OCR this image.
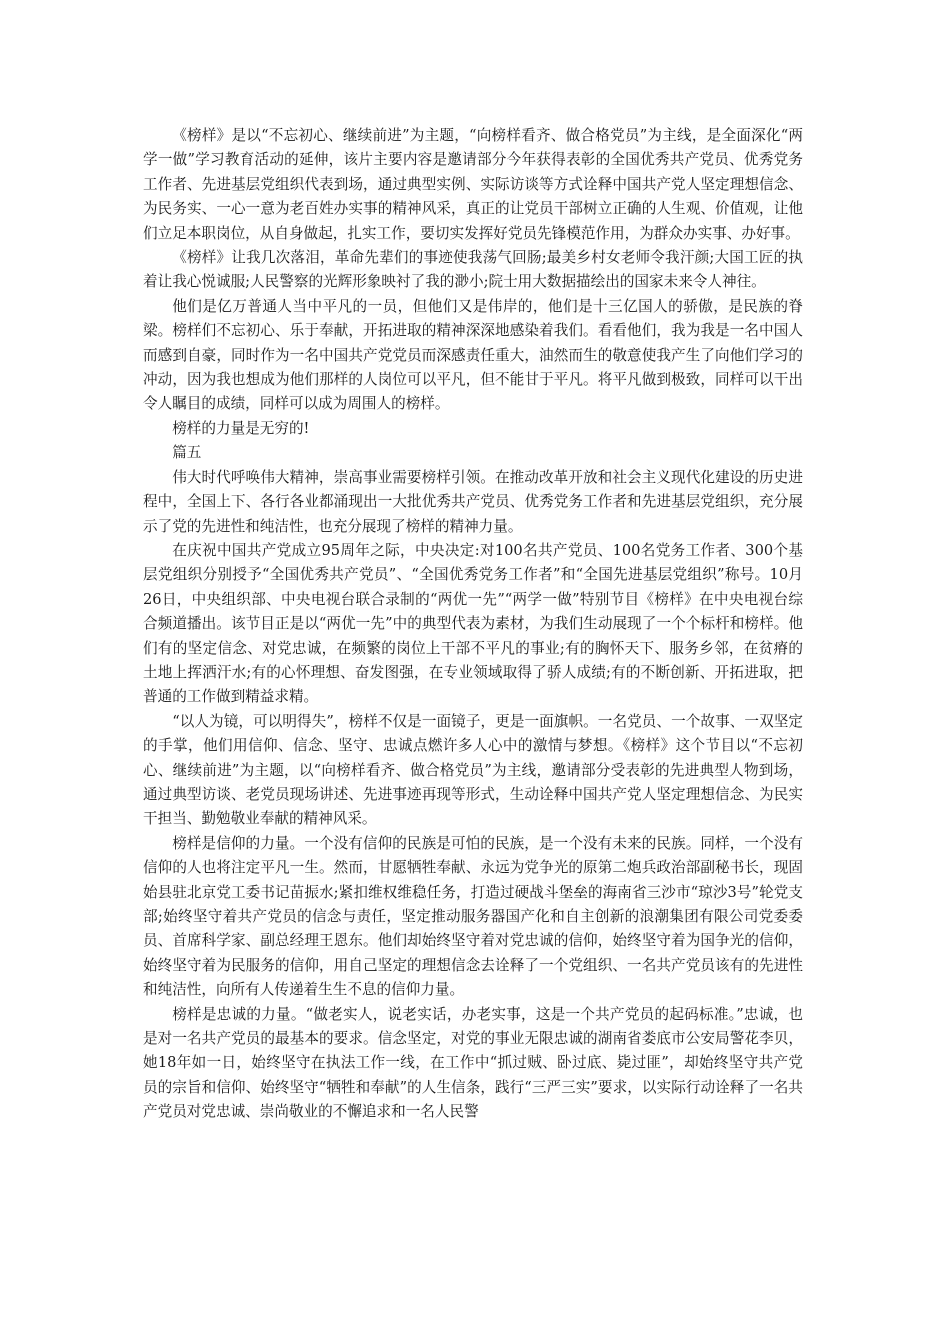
《榜样》是以“不忘初心、继续前进”为主题，“向榜样看齐、做合格党员”为主线，是全面深化“两学一做”学习教育活动的延伸，该片主要内容是邀请部分今年获得表彰的全国优秀共产党员、优秀党务工作者、先进基层党组织代表到场，通过典型实例、实际访谈等方式诠释中国共产党人坚定理想信念、为民务实、一心一意为老百姓办实事的精神风采，真正的让党员干部树立正确的人生观、价值观，让他们立足本职岗位，从自身做起，扎实工作，要切实发挥好党员先锋模范作用，为群众办实事、办好事。

《榜样》让我几次落泪，革命先辈们的事迹使我荡气回肠;最美乡村女老师令我汗颜;大国工匠的执着让我心悦诚服;人民警察的光辉形象映衬了我的渺小;院士用大数据描绘出的国家未来令人神往。

他们是亿万普通人当中平凡的一员，但他们又是伟岸的，他们是十三亿国人的骄傲，是民族的脊梁。榜样们不忘初心、乐于奉献，开拓进取的精神深深地感染着我们。看看他们，我为我是一名中国人而感到自豪，同时作为一名中国共产党党员而深感责任重大，油然而生的敬意使我产生了向他们学习的冲动，因为我也想成为他们那样的人岗位可以平凡，但不能甘于平凡。将平凡做到极致，同样可以干出令人瞩目的成绩，同样可以成为周围人的榜样。

榜样的力量是无穷的!

篇五

伟大时代呼唤伟大精神，崇高事业需要榜样引领。在推动改革开放和社会主义现代化建设的历史进程中，全国上下、各行各业都涌现出一大批优秀共产党员、优秀党务工作者和先进基层党组织，充分展示了党的先进性和纯洁性，也充分展现了榜样的精神力量。

在庆祝中国共产党成立95周年之际，中央决定:对100名共产党员、100名党务工作者、300个基层党组织分别授予“全国优秀共产党员”、“全国优秀党务工作者”和“全国先进基层党组织”称号。10月26日，中央组织部、中央电视台联合录制的“两优一先”“两学一做”特别节目《榜样》在中央电视台综合频道播出。该节目正是以“两优一先”中的典型代表为素材，为我们生动展现了一个个标杆和榜样。他们有的坚定信念、对党忠诚，在频繁的岗位上干部不平凡的事业;有的胸怀天下、服务乡邻，在贫瘠的土地上挥洒汗水;有的心怀理想、奋发图强，在专业领域取得了骄人成绩;有的不断创新、开拓进取，把普通的工作做到精益求精。

“以人为镜，可以明得失”，榜样不仅是一面镜子，更是一面旗帜。一名党员、一个故事、一双坚定的手掌，他们用信仰、信念、坚守、忠诚点燃许多人心中的激情与梦想。《榜样》这个节目以“不忘初心、继续前进”为主题，以“向榜样看齐、做合格党员”为主线，邀请部分受表彰的先进典型人物到场，通过典型访谈、老党员现场讲述、先进事迹再现等形式，生动诠释中国共产党人坚定理想信念、为民实干担当、勤勉敬业奉献的精神风采。

榜样是信仰的力量。一个没有信仰的民族是可怕的民族，是一个没有未来的民族。同样，一个没有信仰的人也将注定平凡一生。然而，甘愿牺牲奉献、永远为党争光的原第二炮兵政治部副秘书长，现固始县驻北京党工委书记苗振水;紧扣维权维稳任务，打造过硬战斗堡垒的海南省三沙市“琼沙3号”轮党支部;始终坚守着共产党员的信念与责任，坚定推动服务器国产化和自主创新的浪潮集团有限公司党委委员、首席科学家、副总经理王恩东。他们却始终坚守着对党忠诚的信仰，始终坚守着为国争光的信仰，始终坚守着为民服务的信仰，用自己坚定的理想信念去诠释了一个党组织、一名共产党员该有的先进性和纯洁性，向所有人传递着生生不息的信仰力量。

榜样是忠诚的力量。“做老实人，说老实话，办老实事，这是一个共产党员的起码标准。”忠诚，也是对一名共产党员的最基本的要求。信念坚定，对党的事业无限忠诚的湖南省娄底市公安局警花李贝，她18年如一日，始终坚守在执法工作一线，在工作中“抓过贼、卧过底、毙过匪”，却始终坚守共产党员的宗旨和信仰、始终坚守“牺牲和奉献”的人生信条，践行“三严三实”要求，以实际行动诠释了一名共产党员对党忠诚、崇尚敬业的不懈追求和一名人民警
